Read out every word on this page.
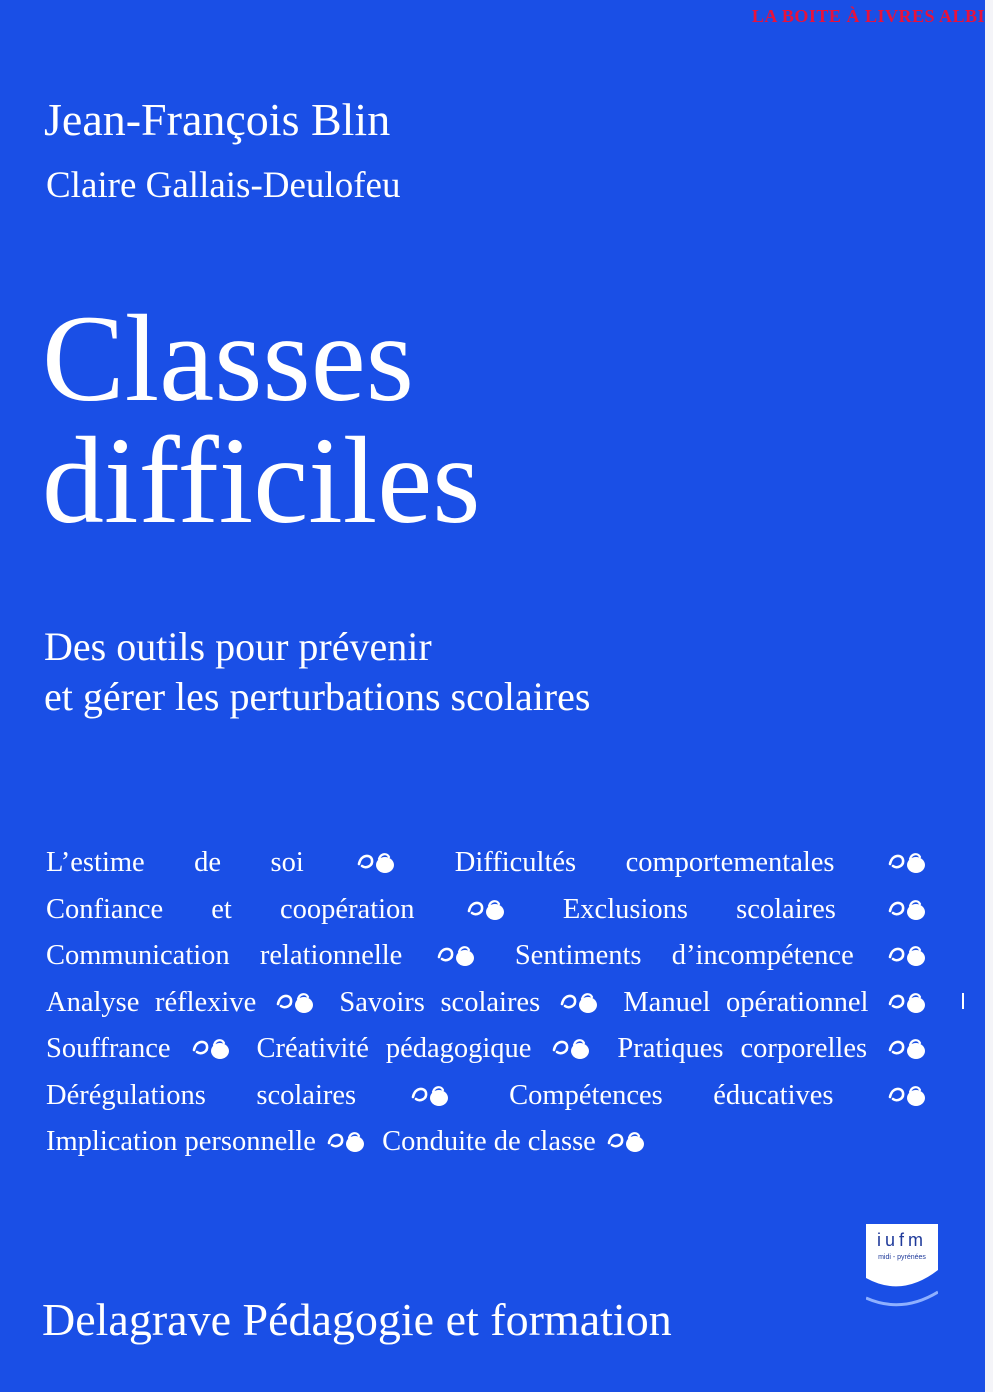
LA BOITE À LIVRES ALBI
Jean-François Blin
Claire Gallais-Deulofeu
Classes
difficiles
Des outils pour prévenir
et gérer les perturbations scolaires
L’estime de soi	Difficultés comportementales  Confiance et coopération	Exclusions scolaires  Communication relationnelle	Sentiments d’incompétence  Analyse réflexive	Savoirs scolaires	Manuel opérationnel  Souffrance	Créativité pédagogique	Pratiques corporelles  Dérégulations scolaires	Compétences éducatives  Implication personnelle Conduite de classe
iufm
midi - pyrénées
Delagrave Pédagogie et formation
